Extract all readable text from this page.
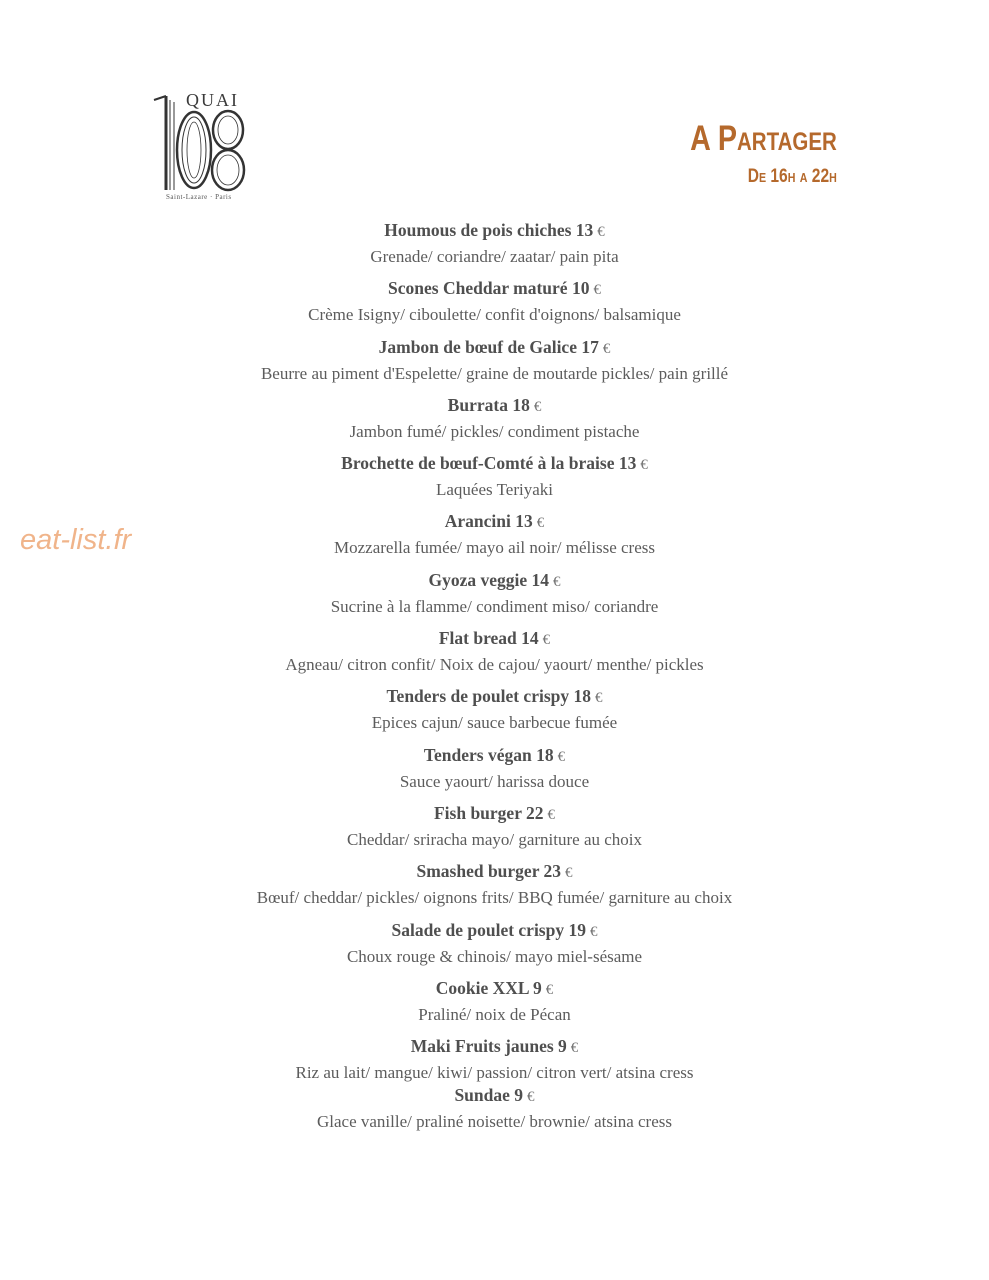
QUAI
Saint-Lazare · Paris
A Partager
De 16h a 22h
eat-list.fr
Houmous de pois chiches 13 €
Grenade/ coriandre/ zaatar/ pain pita
Scones Cheddar maturé 10 €
Crème Isigny/ ciboulette/ confit d'oignons/ balsamique
Jambon de bœuf de Galice 17 €
Beurre au piment d'Espelette/ graine de moutarde pickles/ pain grillé
Burrata 18 €
Jambon fumé/ pickles/ condiment pistache
Brochette de bœuf-Comté à la braise 13 €
Laquées Teriyaki
Arancini 13 €
Mozzarella fumée/ mayo ail noir/ mélisse cress
Gyoza veggie 14 €
Sucrine à la flamme/ condiment miso/ coriandre
Flat bread 14 €
Agneau/ citron confit/ Noix de cajou/ yaourt/ menthe/ pickles
Tenders de poulet crispy 18 €
Epices cajun/ sauce barbecue fumée
Tenders végan 18 €
Sauce yaourt/ harissa douce
Fish burger 22 €
Cheddar/ sriracha mayo/ garniture au choix
Smashed burger 23 €
Bœuf/ cheddar/ pickles/ oignons frits/ BBQ fumée/ garniture au choix
Salade de poulet crispy 19 €
Choux rouge & chinois/ mayo miel-sésame
Cookie XXL 9 €
Praliné/ noix de Pécan
Maki Fruits jaunes 9 €
Riz au lait/ mangue/ kiwi/ passion/ citron vert/ atsina cress
Sundae 9 €
Glace vanille/ praliné noisette/ brownie/ atsina cress
